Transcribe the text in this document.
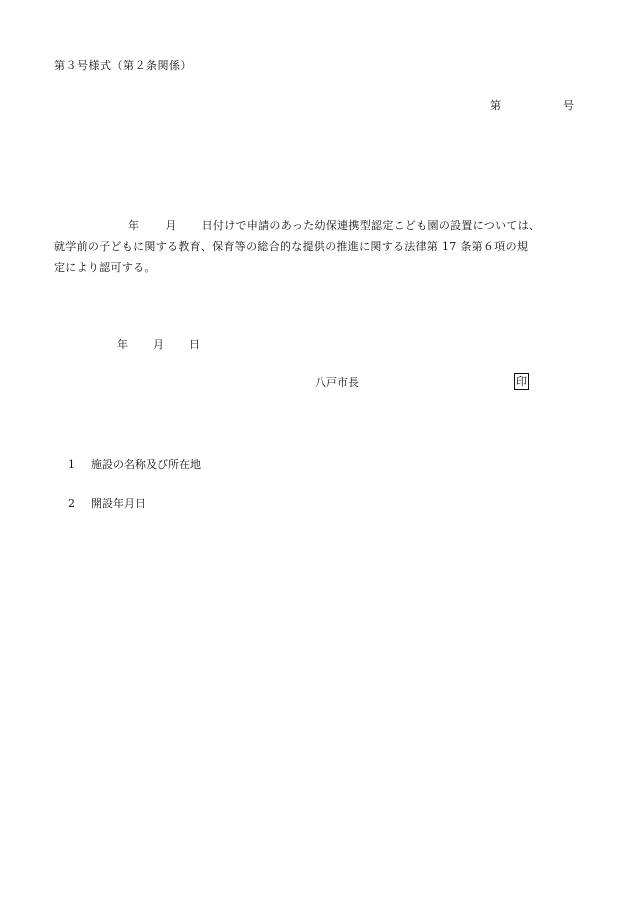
第３号様式（第２条関係）
第	号
年 月 日付けで申請のあった幼保連携型認定こども園の設置については、
就学前の子どもに関する教育、保育等の総合的な提供の推進に関する法律第 17 条第６項の規
定により認可する。
年 月 日
八戸市長	印
1 施設の名称及び所在地
2 開設年月日
